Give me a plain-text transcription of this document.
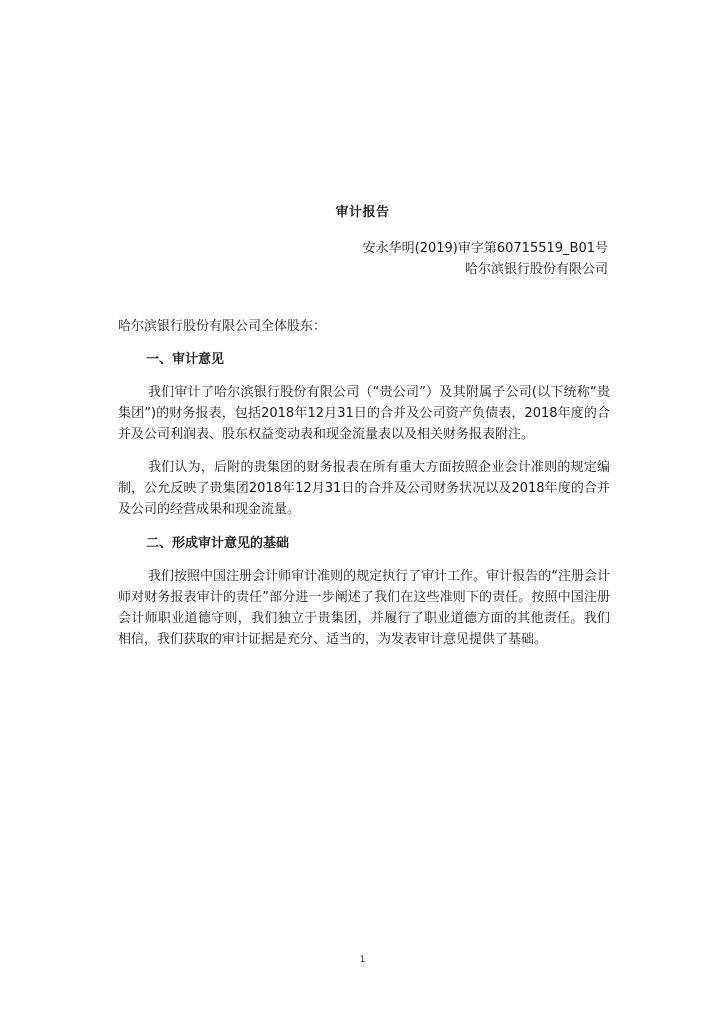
审计报告
安永华明(2019)审字第60715519_B01号
哈尔滨银行股份有限公司
哈尔滨银行股份有限公司全体股东：
一、审计意见
我们审计了哈尔滨银行股份有限公司（“贵公司”）及其附属子公司(以下统称“贵集团”)的财务报表，包括2018年12月31日的合并及公司资产负债表，2018年度的合并及公司利润表、股东权益变动表和现金流量表以及相关财务报表附注。
我们认为，后附的贵集团的财务报表在所有重大方面按照企业会计准则的规定编制，公允反映了贵集团2018年12月31日的合并及公司财务状况以及2018年度的合并及公司的经营成果和现金流量。
二、形成审计意见的基础
我们按照中国注册会计师审计准则的规定执行了审计工作。审计报告的“注册会计师对财务报表审计的责任”部分进一步阐述了我们在这些准则下的责任。按照中国注册会计师职业道德守则，我们独立于贵集团，并履行了职业道德方面的其他责任。我们相信，我们获取的审计证据是充分、适当的，为发表审计意见提供了基础。
1
